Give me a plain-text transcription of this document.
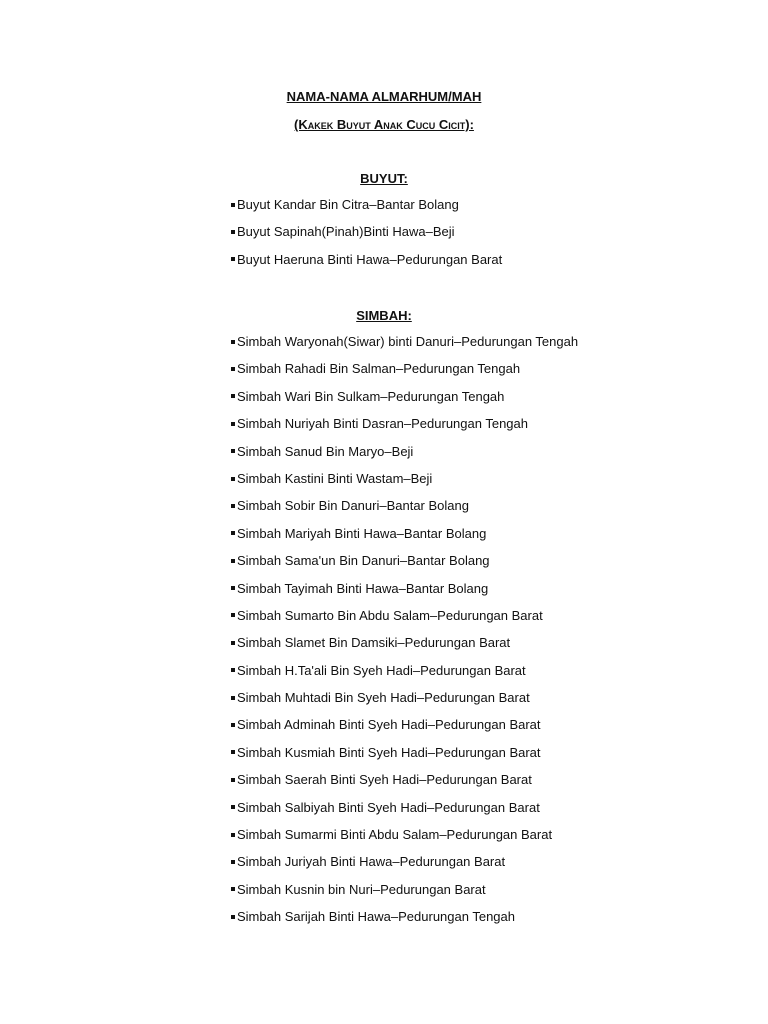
NAMA-NAMA ALMARHUM/MAH
(Kakek Buyut Anak Cucu Cicit):
BUYUT:
Buyut Kandar Bin Citra–Bantar Bolang
Buyut Sapinah(Pinah)Binti Hawa–Beji
Buyut Haeruna Binti Hawa–Pedurungan Barat
SIMBAH:
Simbah Waryonah(Siwar) binti Danuri–Pedurungan Tengah
Simbah Rahadi Bin Salman–Pedurungan Tengah
Simbah Wari Bin Sulkam–Pedurungan Tengah
Simbah Nuriyah Binti Dasran–Pedurungan Tengah
Simbah Sanud Bin Maryo–Beji
Simbah Kastini Binti Wastam–Beji
Simbah Sobir Bin Danuri–Bantar Bolang
Simbah Mariyah Binti Hawa–Bantar Bolang
Simbah Sama'un Bin Danuri–Bantar Bolang
Simbah Tayimah Binti Hawa–Bantar Bolang
Simbah Sumarto Bin Abdu Salam–Pedurungan Barat
Simbah Slamet Bin Damsiki–Pedurungan Barat
Simbah H.Ta'ali Bin Syeh Hadi–Pedurungan Barat
Simbah Muhtadi Bin Syeh Hadi–Pedurungan Barat
Simbah Adminah Binti Syeh Hadi–Pedurungan Barat
Simbah Kusmiah Binti Syeh Hadi–Pedurungan Barat
Simbah Saerah Binti Syeh Hadi–Pedurungan Barat
Simbah Salbiyah Binti Syeh Hadi–Pedurungan Barat
Simbah Sumarmi Binti Abdu Salam–Pedurungan Barat
Simbah Juriyah Binti Hawa–Pedurungan Barat
Simbah Kusnin bin Nuri–Pedurungan Barat
Simbah Sarijah Binti Hawa–Pedurungan Tengah
